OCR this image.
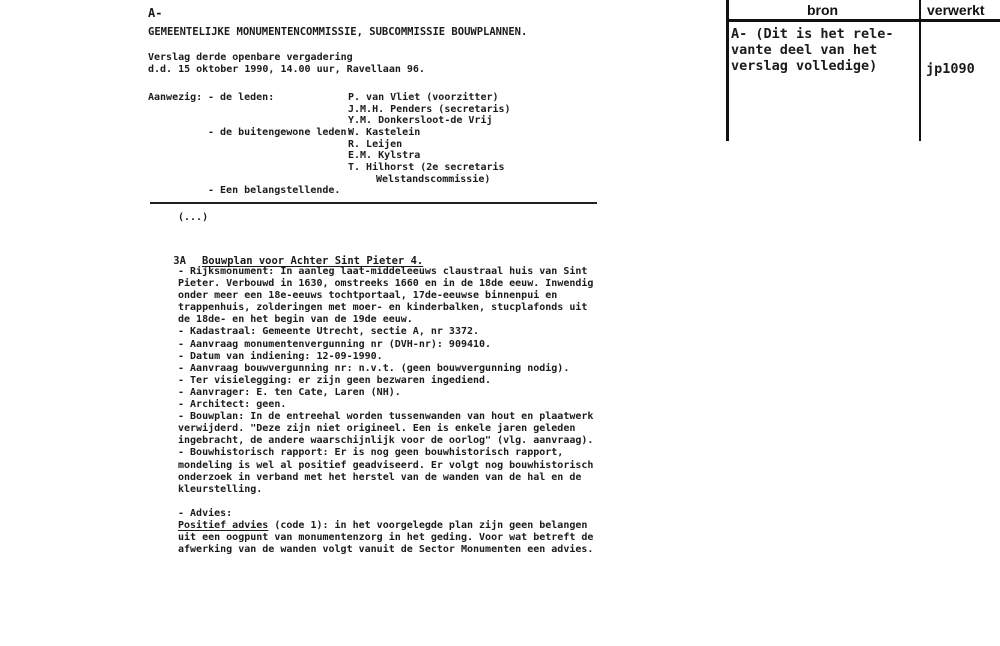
A-
GEMEENTELIJKE MONUMENTENCOMMISSIE, SUBCOMMISSIE BOUWPLANNEN.
Verslag derde openbare vergadering
d.d. 15 oktober 1990, 14.00 uur, Ravellaan 96.

Aanwezig:

- de leden:

	P. van Vliet (voorzitter)

J.M.H. Penders (secretaris)

Y.M. Donkersloot-de Vrij

- de buitengewone leden:

W. Kastelein

R. Leijen

E.M. Kylstra

T. Hilhorst (2e secretaris

Welstandscommissie)

- Een belangstellende.

(...)

3A Bouwplan voor Achter Sint Pieter 4.

- Rijksmonument: In aanleg laat-middeleeuws claustraal huis van Sint
Pieter. Verbouwd in 1630, omstreeks 1660 en in de 18de eeuw. Inwendig
onder meer een 18e-eeuws tochtportaal, 17de-eeuwse binnenpui en
trappenhuis, zolderingen met moer- en kinderbalken, stucplafonds uit
de 18de- en het begin van de 19de eeuw.
- Kadastraal: Gemeente Utrecht, sectie A, nr 3372.
- Aanvraag monumentenvergunning nr (DVH-nr): 909410.
- Datum van indiening: 12-09-1990.
- Aanvraag bouwvergunning nr: n.v.t. (geen bouwvergunning nodig).
- Ter visielegging: er zijn geen bezwaren ingediend.
- Aanvrager: E. ten Cate, Laren (NH).
- Architect: geen.
- Bouwplan: In de entreehal worden tussenwanden van hout en plaatwerk
verwijderd. "Deze zijn niet origineel. Een is enkele jaren geleden
ingebracht, de andere waarschijnlijk voor de oorlog" (vlg. aanvraag).
- Bouwhistorisch rapport: Er is nog geen bouwhistorisch rapport,
mondeling is wel al positief geadviseerd. Er volgt nog bouwhistorisch
onderzoek in verband met het herstel van de wanden van de hal en de
kleurstelling.
- Advies:
Positief advies (code 1): in het voorgelegde plan zijn geen belangen
uit een oogpunt van monumentenzorg in het geding. Voor wat betreft de
afwerking van de wanden volgt vanuit de Sector Monumenten een advies.
bron	verwerkt
A- (Dit is het rele-
vante deel van het
verslag volledige)	jp1090
